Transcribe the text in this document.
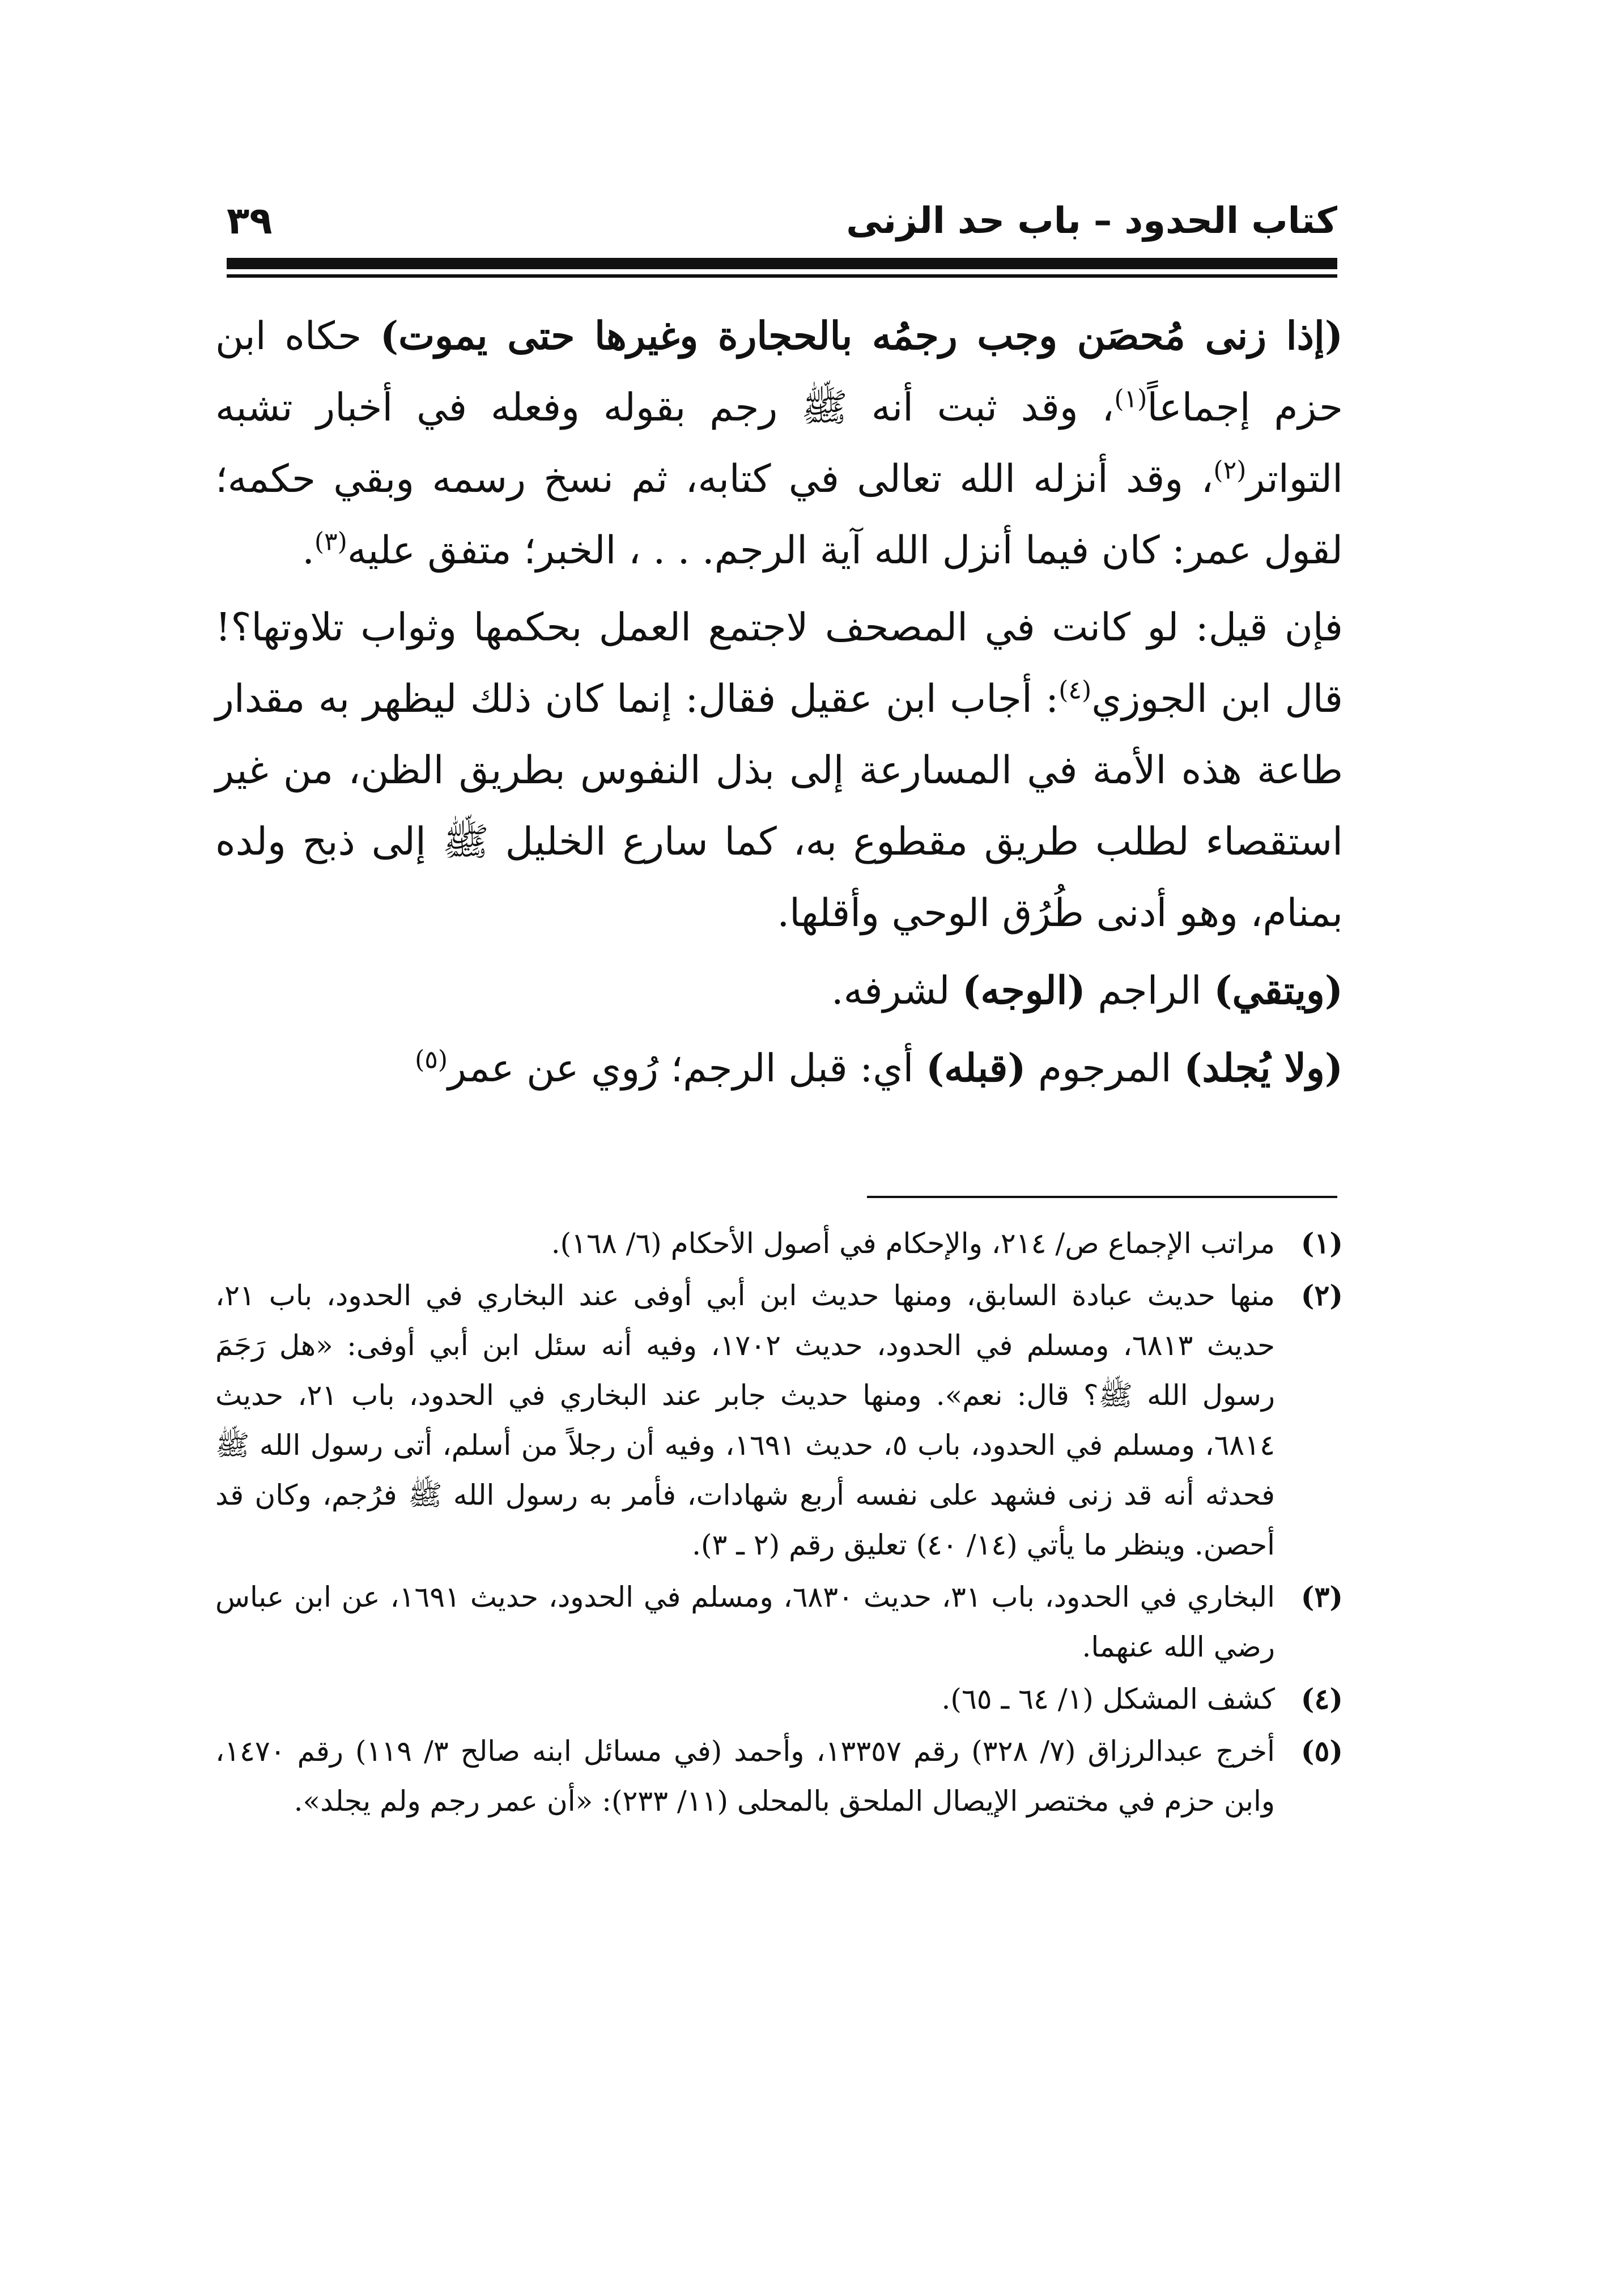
كتاب الحدود – باب حد الزنى
٣٩

(إذا زنى مُحصَن وجب رجمُه بالحجارة وغيرها حتى يموت) حكاه ابن حزم إجماعاً$^{(١)}$، وقد ثبت أنه ﷺ رجم بقوله وفعله في أخبار تشبه التواتر$^{(٢)}$، وقد أنزله الله تعالى في كتابه، ثم نسخ رسمه وبقي حكمه؛ لقول عمر: كان فيما أنزل الله آية الرجم. . . ، الخبر؛ متفق عليه$^{(٣)}$.

فإن قيل: لو كانت في المصحف لاجتمع العمل بحكمها وثواب تلاوتها؟! قال ابن الجوزي$^{(٤)}$: أجاب ابن عقيل فقال: إنما كان ذلك ليظهر به مقدار طاعة هذه الأمة في المسارعة إلى بذل النفوس بطريق الظن، من غير استقصاء لطلب طريق مقطوع به، كما سارع الخليل ﷺ إلى ذبح ولده بمنام، وهو أدنى طُرُق الوحي وأقلها.

(ويتقي) الراجم (الوجه) لشرفه.

(ولا يُجلد) المرجوم (قبله) أي: قبل الرجم؛ رُوي عن عمر$^{(٥)}$

(١)
مراتب الإجماع ص/ ٢١٤، والإحكام في أصول الأحكام (٦/ ١٦٨).

(٢)
منها حديث عبادة السابق، ومنها حديث ابن أبي أوفى عند البخاري في الحدود، باب ٢١، حديث ٦٨١٣، ومسلم في الحدود، حديث ١٧٠٢، وفيه أنه سئل ابن أبي أوفى: «هل رَجَمَ رسول الله ﷺ؟ قال: نعم». ومنها حديث جابر عند البخاري في الحدود، باب ٢١، حديث ٦٨١٤، ومسلم في الحدود، باب ٥، حديث ١٦٩١، وفيه أن رجلاً من أسلم، أتى رسول الله ﷺ فحدثه أنه قد زنى فشهد على نفسه أربع شهادات، فأمر به رسول الله ﷺ فرُجم، وكان قد أحصن. وينظر ما يأتي (١٤/ ٤٠) تعليق رقم (٢ ـ ٣).

(٣)
البخاري في الحدود، باب ٣١، حديث ٦٨٣٠، ومسلم في الحدود، حديث ١٦٩١، عن ابن عباس رضي الله عنهما.

(٤)
كشف المشكل (١/ ٦٤ ـ ٦٥).

(٥)
أخرج عبدالرزاق (٧/ ٣٢٨) رقم ١٣٣٥٧، وأحمد (في مسائل ابنه صالح ٣/ ١١٩) رقم ١٤٧٠، وابن حزم في مختصر الإيصال الملحق بالمحلى (١١/ ٢٣٣): «أن عمر رجم ولم يجلد».
